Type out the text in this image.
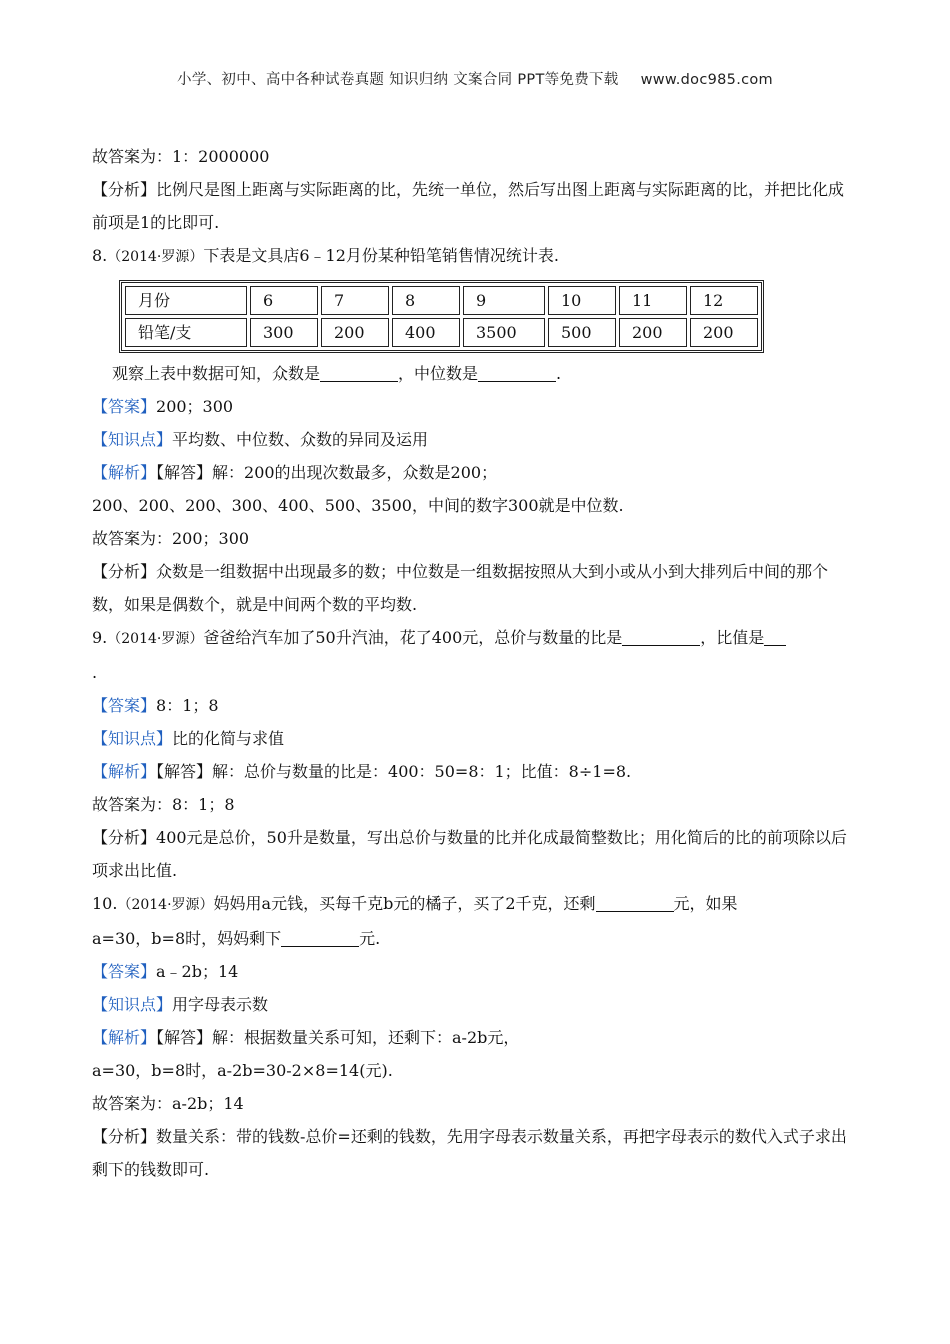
小学、初中、高中各种试卷真题 知识归纳 文案合同 PPT等免费下载 www.doc985.com
故答案为：1：2000000
【分析】比例尺是图上距离与实际距离的比，先统一单位，然后写出图上距离与实际距离的比，并把比化成前项是1的比即可.
8.（2014·罗源）下表是文具店6﹣12月份某种铅笔销售情况统计表.
月份	6	7	8	9	10	11	12
铅笔/支	300	200	400	3500	500	200	200
观察上表中数据可知，众数是	，中位数是	.
【答案】200；300
【知识点】平均数、中位数、众数的异同及运用
【解析】【解答】解：200的出现次数最多，众数是200；
200、200、200、300、400、500、3500，中间的数字300就是中位数.
故答案为：200；300
【分析】众数是一组数据中出现最多的数；中位数是一组数据按照从大到小或从小到大排列后中间的那个数，如果是偶数个，就是中间两个数的平均数.
9.（2014·罗源）爸爸给汽车加了50升汽油，花了400元，总价与数量的比是	，比值是
.
【答案】8：1；8
【知识点】比的化简与求值
【解析】【解答】解：总价与数量的比是：400：50=8：1；比值：8÷1=8.
故答案为：8：1；8
【分析】400元是总价，50升是数量，写出总价与数量的比并化成最简整数比；用化简后的比的前项除以后项求出比值.
10.（2014·罗源）妈妈用a元钱，买每千克b元的橘子，买了2千克，还剩	元，如果
a=30，b=8时，妈妈剩下	元.
【答案】a﹣2b；14
【知识点】用字母表示数
【解析】【解答】解：根据数量关系可知，还剩下：a-2b元，
a=30，b=8时，a-2b=30-2×8=14(元).
故答案为：a-2b；14
【分析】数量关系：带的钱数-总价=还剩的钱数，先用字母表示数量关系，再把字母表示的数代入式子求出剩下的钱数即可.
